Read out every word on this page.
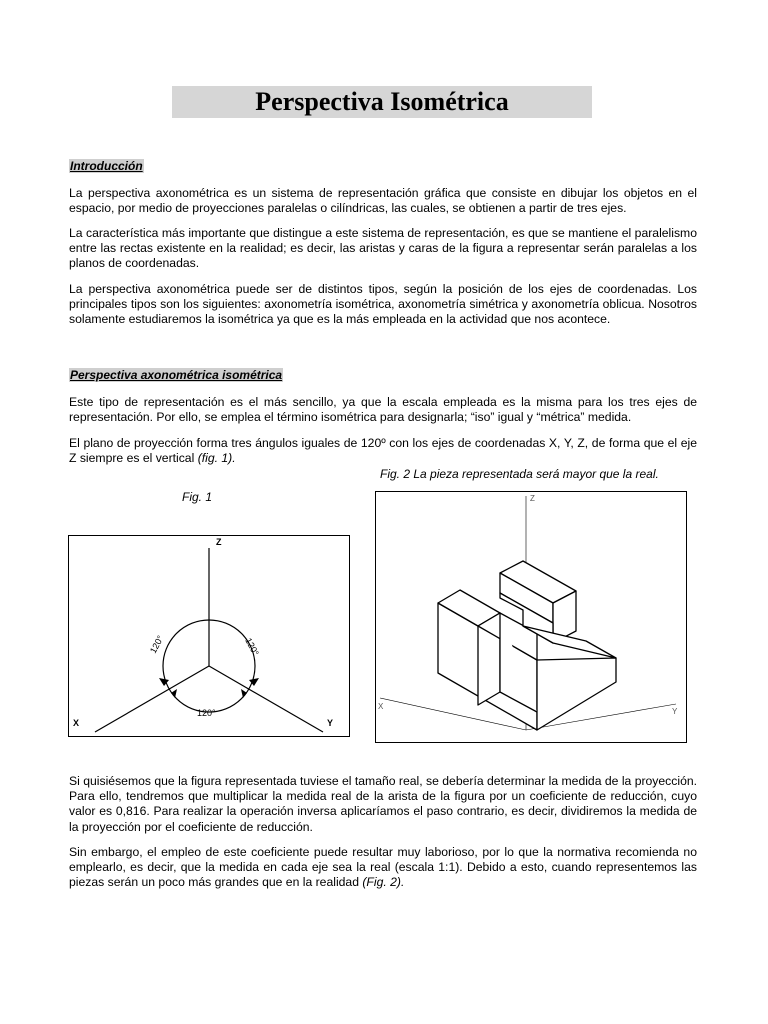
Perspectiva Isométrica
Introducción

La perspectiva axonométrica es un sistema de representación gráfica que consiste en dibujar los objetos en el espacio, por medio de proyecciones paralelas o cilíndricas, las cuales, se obtienen a partir de tres ejes.

La característica más importante que distingue a este sistema de representación, es que se mantiene el paralelismo entre las rectas existente en la realidad; es decir, las aristas y caras de la figura a representar serán paralelas a los planos de coordenadas.

La perspectiva axonométrica puede ser de distintos tipos, según la posición de los ejes de coordenadas. Los principales tipos son los siguientes: axonometría isométrica, axonometría simétrica y axonometría oblicua. Nosotros solamente estudiaremos la isométrica ya que es la más empleada en la actividad que nos acontece.

Perspectiva axonométrica isométrica

Este tipo de representación es el más sencillo, ya que la escala empleada es la misma para los tres ejes de representación. Por ello, se emplea el término isométrica para designarla; “iso” igual y “métrica” medida.

El plano de proyección forma tres ángulos iguales de 120º con los ejes de coordenadas X, Y, Z, de forma que el eje Z siempre es el vertical (fig. 1).

Fig. 2 La pieza representada será mayor que la real.
Fig. 1
Z
X	Y
120°	120°
120°
Z
X
Y

Si quisiésemos que la figura representada tuviese el tamaño real, se debería determinar la medida de la proyección. Para ello, tendremos que multiplicar la medida real de la arista de la figura por un coeficiente de reducción, cuyo valor es 0,816. Para realizar la operación inversa aplicaríamos el paso contrario, es decir, dividiremos la medida de la proyección por el coeficiente de reducción.

Sin embargo, el empleo de este coeficiente puede resultar muy laborioso, por lo que la normativa recomienda no emplearlo, es decir, que la medida en cada eje sea la real (escala 1:1). Debido a esto, cuando representemos las piezas serán un poco más grandes que en la realidad (Fig. 2).
